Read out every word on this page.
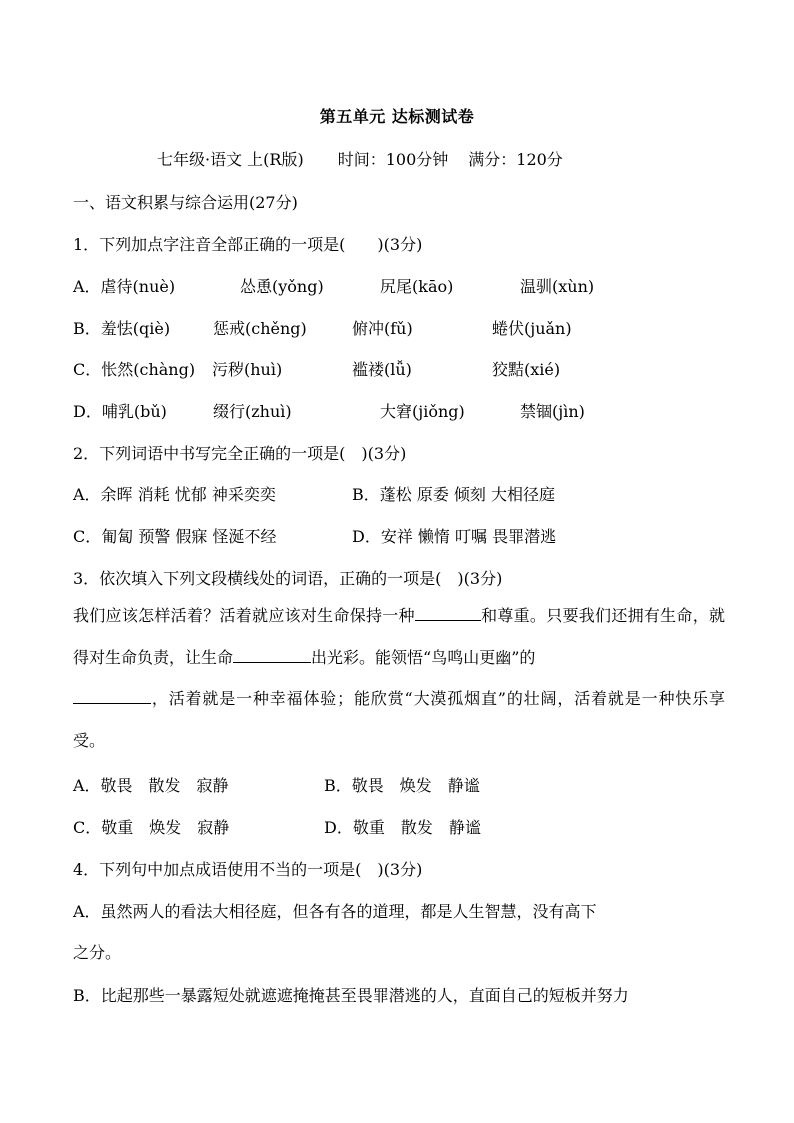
第五单元 达标测试卷
七年级·语文 上(R版) 时间：100分钟 满分：120分
一、语文积累与综合运用(27分)
1．下列加点字注音全部正确的一项是(　　)(3分)
A．虐待(nuè)	怂恿(yǒng)	尻尾(kāo)	温驯(xùn)
B．羞怯(qiè)	惩戒(chěng)	俯冲(fǔ)	蜷伏(juǎn)
C．怅然(chàng) 污秽(huì)	褴褛(lǚ)	狡黠(xié)
D．哺乳(bǔ)	缀行(zhuì)	大窘(jiǒng)	禁锢(jìn)
2．下列词语中书写完全正确的一项是(　)(3分)
A．余晖 消耗 忧郁 神采奕奕	B．蓬松 原委 倾刻 大相径庭
C．匍匐 预警 假寐 怪涎不经	D．安祥 懒惰 叮嘱 畏罪潜逃
3．依次填入下列文段横线处的词语，正确的一项是(　)(3分)
我们应该怎样活着？活着就应该对生命保持一种	和尊重。只要我们还拥有生命，就得对生命负责，让生命	出光彩。能领悟“鸟鸣山更幽”的
，活着就是一种幸福体验；能欣赏“大漠孤烟直”的壮阔，活着就是一种快乐享受。
A．敬畏　散发　寂静	B．敬畏　焕发　静谧
C．敬重　焕发　寂静	D．敬重　散发　静谧
4．下列句中加点成语使用不当的一项是(　)(3分)
A．虽然两人的看法大相径庭，但各有各的道理，都是人生智慧，没有高下
之分。
B．比起那些一暴露短处就遮遮掩掩甚至畏罪潜逃的人，直面自己的短板并努力
